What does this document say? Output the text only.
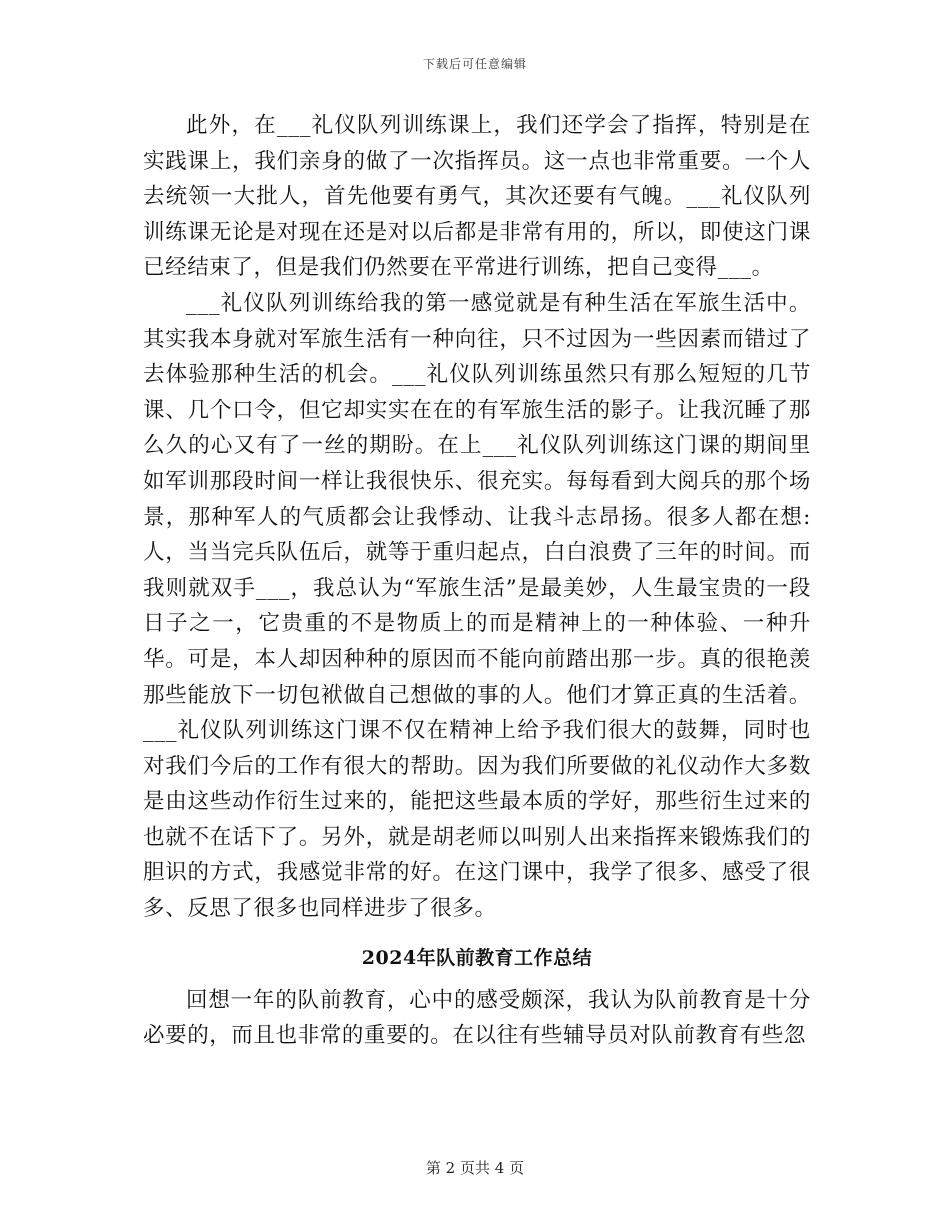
下载后可任意编辑

此外，在___礼仪队列训练课上，我们还学会了指挥，特别是在实践课上，我们亲身的做了一次指挥员。这一点也非常重要。一个人去统领一大批人，首先他要有勇气，其次还要有气魄。___礼仪队列训练课无论是对现在还是对以后都是非常有用的，所以，即使这门课已经结束了，但是我们仍然要在平常进行训练，把自己变得___。

___礼仪队列训练给我的第一感觉就是有种生活在军旅生活中。其实我本身就对军旅生活有一种向往，只不过因为一些因素而错过了去体验那种生活的机会。___礼仪队列训练虽然只有那么短短的几节课、几个口令，但它却实实在在的有军旅生活的影子。让我沉睡了那么久的心又有了一丝的期盼。在上___礼仪队列训练这门课的期间里如军训那段时间一样让我很快乐、很充实。每每看到大阅兵的那个场景，那种军人的气质都会让我悸动、让我斗志昂扬。很多人都在想:人，当当完兵队伍后，就等于重归起点，白白浪费了三年的时间。而我则就双手___，我总认为“军旅生活”是最美妙，人生最宝贵的一段日子之一，它贵重的不是物质上的而是精神上的一种体验、一种升华。可是，本人却因种种的原因而不能向前踏出那一步。真的很艳羡那些能放下一切包袱做自己想做的事的人。他们才算正真的生活着。___礼仪队列训练这门课不仅在精神上给予我们很大的鼓舞，同时也对我们今后的工作有很大的帮助。因为我们所要做的礼仪动作大多数是由这些动作衍生过来的，能把这些最本质的学好，那些衍生过来的也就不在话下了。另外，就是胡老师以叫别人出来指挥来锻炼我们的胆识的方式，我感觉非常的好。在这门课中，我学了很多、感受了很多、反思了很多也同样进步了很多。

2024年队前教育工作总结

回想一年的队前教育，心中的感受颇深，我认为队前教育是十分必要的，而且也非常的重要的。在以往有些辅导员对队前教育有些忽

第 2 页共 4 页
